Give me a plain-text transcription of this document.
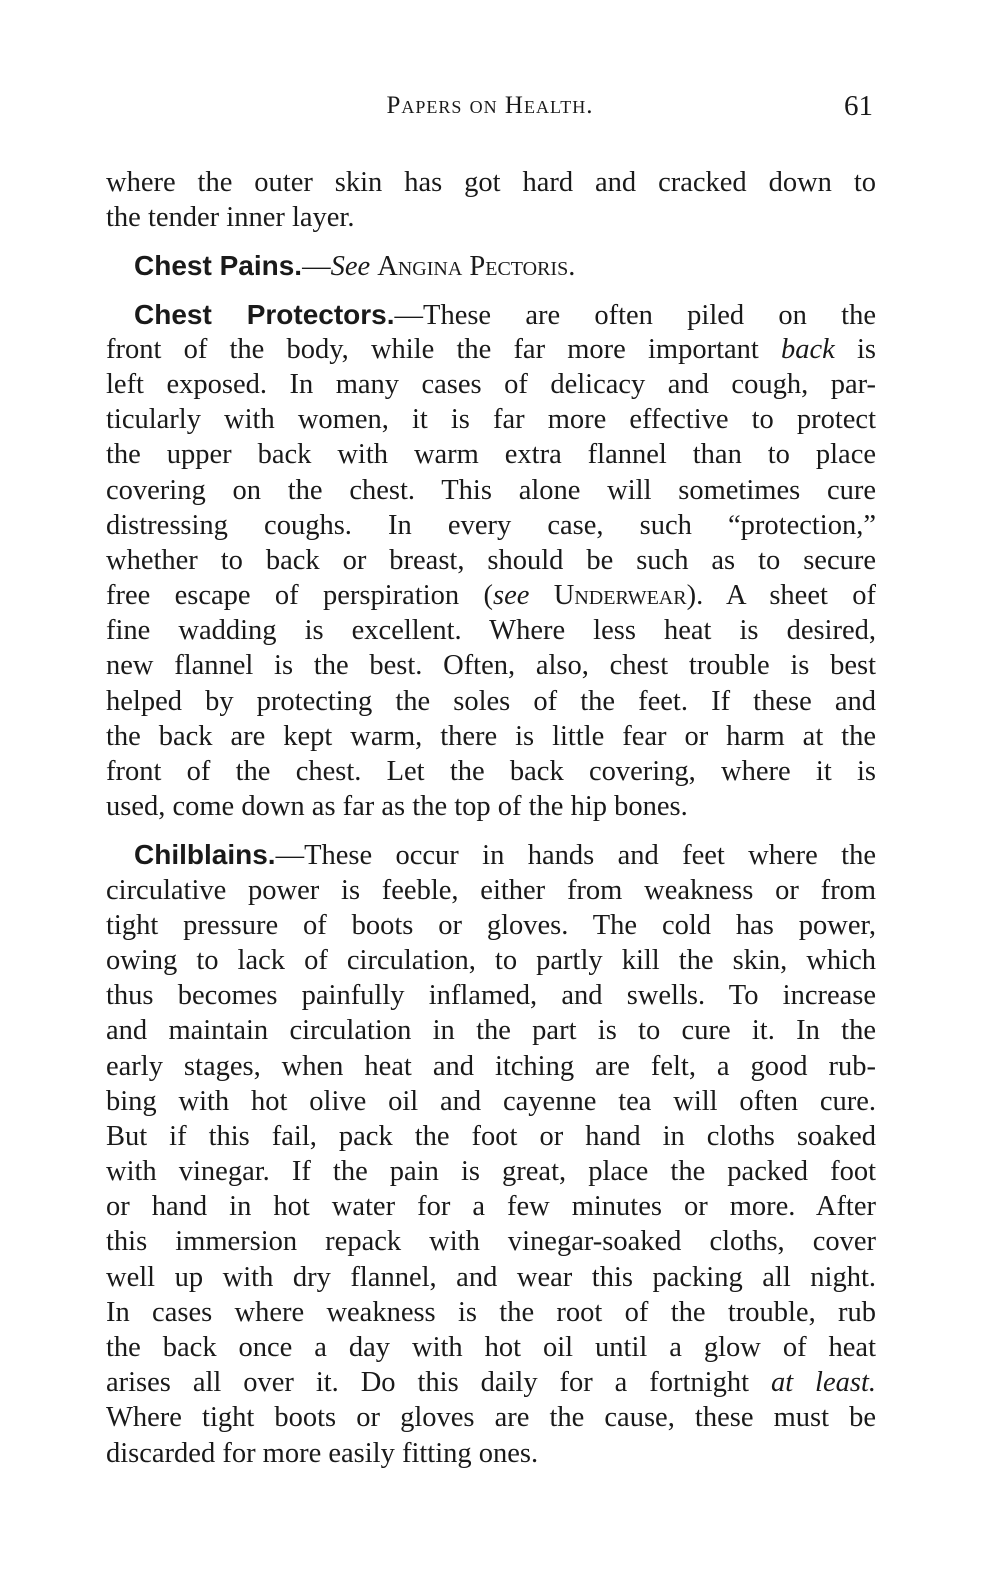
Papers on Health.	61
where the outer skin has got hard and cracked down to
the tender inner layer.
Chest Pains.—See Angina Pectoris.
Chest Protectors.—These are often piled on the
front of the body, while the far more important back is
left exposed. In many cases of delicacy and cough, par-
ticularly with women, it is far more effective to protect
the upper back with warm extra flannel than to place
covering on the chest. This alone will sometimes cure
distressing coughs. In every case, such “protection,”
whether to back or breast, should be such as to secure
free escape of perspiration (see Underwear). A sheet of
fine wadding is excellent. Where less heat is desired,
new flannel is the best. Often, also, chest trouble is best
helped by protecting the soles of the feet. If these and
the back are kept warm, there is little fear or harm at the
front of the chest. Let the back covering, where it is
used, come down as far as the top of the hip bones.
Chilblains.—These occur in hands and feet where the
circulative power is feeble, either from weakness or from
tight pressure of boots or gloves. The cold has power,
owing to lack of circulation, to partly kill the skin, which
thus becomes painfully inflamed, and swells. To increase
and maintain circulation in the part is to cure it. In the
early stages, when heat and itching are felt, a good rub-
bing with hot olive oil and cayenne tea will often cure.
But if this fail, pack the foot or hand in cloths soaked
with vinegar. If the pain is great, place the packed foot
or hand in hot water for a few minutes or more. After
this immersion repack with vinegar-soaked cloths, cover
well up with dry flannel, and wear this packing all night.
In cases where weakness is the root of the trouble, rub
the back once a day with hot oil until a glow of heat
arises all over it. Do this daily for a fortnight at least.
Where tight boots or gloves are the cause, these must be
discarded for more easily fitting ones.
